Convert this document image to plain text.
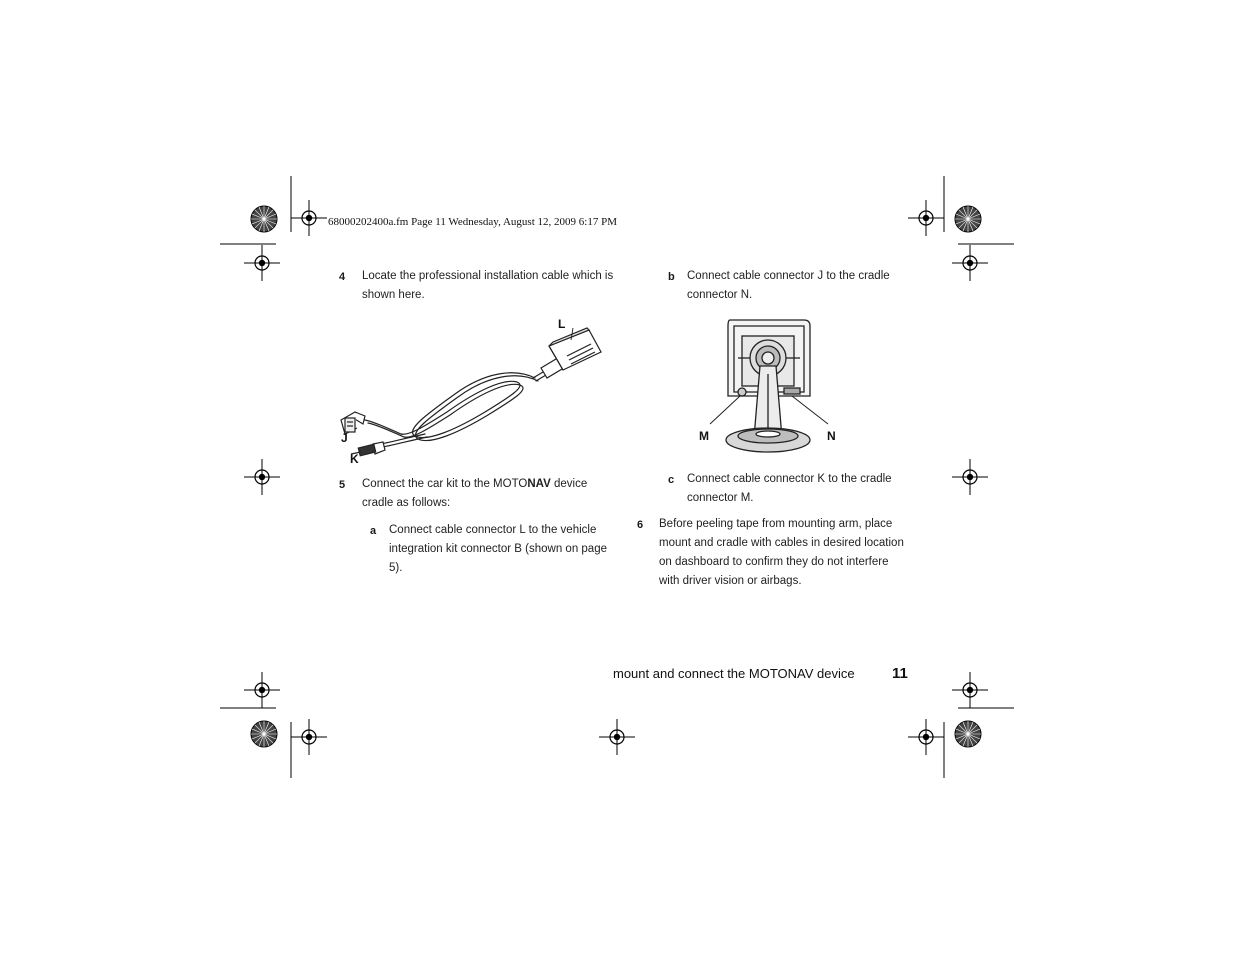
68000202400a.fm Page 11 Wednesday, August 12, 2009 6:17 PM
4 Locate the professional installation cable which is shown here.
L
J
K
5 Connect the car kit to the MOTONAV device cradle as follows:
a Connect cable connector L to the vehicle integration kit connector B (shown on page 5).
b Connect cable connector J to the cradle connector N.
M	N
c Connect cable connector K to the cradle connector M.
6 Before peeling tape from mounting arm, place mount and cradle with cables in desired location on dashboard to confirm they do not interfere with driver vision or airbags.
mount and connect the MOTONAV device 11
